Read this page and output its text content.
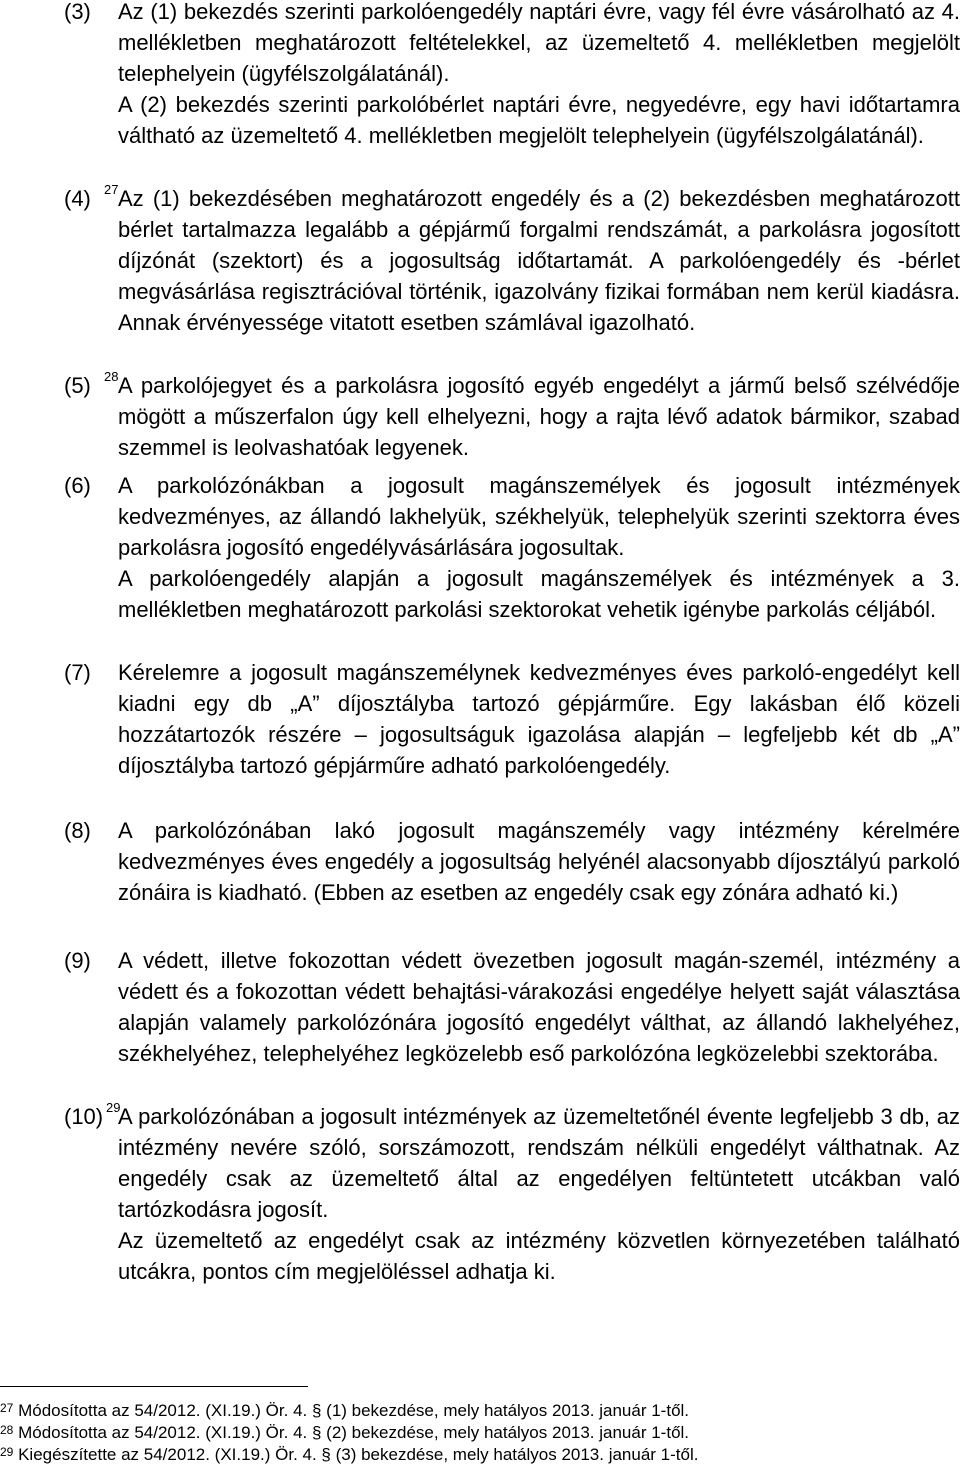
(3) Az (1) bekezdés szerinti parkolóengedély naptári évre, vagy fél évre vásárolható az 4. mellékletben meghatározott feltételekkel, az üzemeltető 4. mellékletben megjelölt telephelyein (ügyfélszolgálatánál).

A (2) bekezdés szerinti parkolóbérlet naptári évre, negyedévre, egy havi időtartamra váltható az üzemeltető 4. mellékletben megjelölt telephelyein (ügyfélszolgálatánál).

(4) 27 Az (1) bekezdésében meghatározott engedély és a (2) bekezdésben meghatározott bérlet tartalmazza legalább a gépjármű forgalmi rendszámát, a parkolásra jogosított díjzónát (szektort) és a jogosultság időtartamát. A parkolóengedély és -bérlet megvásárlása regisztrációval történik, igazolvány fizikai formában nem kerül kiadásra. Annak érvényessége vitatott esetben számlával igazolható.

(5) 28 A parkolójegyet és a parkolásra jogosító egyéb engedélyt a jármű belső szélvédője mögött a műszerfalon úgy kell elhelyezni, hogy a rajta lévő adatok bármikor, szabad szemmel is leolvashatóak legyenek.

(6) A parkolózónákban a jogosult magánszemélyek és jogosult intézmények kedvezményes, az állandó lakhelyük, székhelyük, telephelyük szerinti szektorra éves parkolásra jogosító engedélyvásárlására jogosultak.

A parkolóengedély alapján a jogosult magánszemélyek és intézmények a 3. mellékletben meghatározott parkolási szektorokat vehetik igénybe parkolás céljából.

(7) Kérelemre a jogosult magánszemélynek kedvezményes éves parkoló-engedélyt kell kiadni egy db „A” díjosztályba tartozó gépjárműre. Egy lakásban élő közeli hozzátartozók részére – jogosultságuk igazolása alapján – legfeljebb két db „A” díjosztályba tartozó gépjárműre adható parkolóengedély.

(8) A parkolózónában lakó jogosult magánszemély vagy intézmény kérelmére kedvezményes éves engedély a jogosultság helyénél alacsonyabb díjosztályú parkoló zónáira is kiadható. (Ebben az esetben az engedély csak egy zónára adható ki.)

(9) A védett, illetve fokozottan védett övezetben jogosult magán-személ, intézmény a védett és a fokozottan védett behajtási-várakozási engedélye helyett saját választása alapján valamely parkolózónára jogosító engedélyt válthat, az állandó lakhelyéhez, székhelyéhez, telephelyéhez legközelebb eső parkolózóna legközelebbi szektorába.

(10) 29

A parkolózónában a jogosult intézmények az üzemeltetőnél évente legfeljebb 3 db, az intézmény nevére szóló, sorszámozott, rendszám nélküli engedélyt válthatnak. Az engedély csak az üzemeltető által az engedélyen feltüntetett utcákban való tartózkodásra jogosít.

Az üzemeltető az engedélyt csak az intézmény közvetlen környezetében található utcákra, pontos cím megjelöléssel adhatja ki.

$^{27}$ Módosította az 54/2012. (XI.19.) Ör. 4. § (1) bekezdése, mely hatályos 2013. január 1-től.
$^{28}$ Módosította az 54/2012. (XI.19.) Ör. 4. § (2) bekezdése, mely hatályos 2013. január 1-től.
$^{29}$ Kiegészítette az 54/2012. (XI.19.) Ör. 4. § (3) bekezdése, mely hatályos 2013. január 1-től.
